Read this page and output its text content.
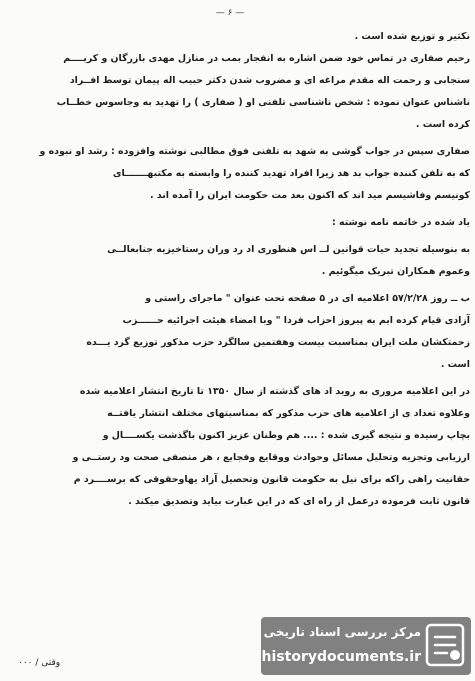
— ۶ —
نکثیر و توزیع شده است .
رحیم صفاری در تماس خود ضمن اشاره به انفجار بمب در منازل مهدی بازرگان و کریــــم
سنجابی و رحمت اله مقدم مراغه ای و مضروب شدن دکتر حبیب اله پیمان توسط افــراد
ناشناس عنوان نموده : شخص ناشناسی تلفنی او ( صفاری ) را تهدید به وجاسوس خطــاب
کرده است .
صفاری سپس در جواب گوشی به شهد به تلفنی فوق مطالبی نوشته وافزوده : رشد او نبوده و
که به تلفن کننده جواب بد هد زیرا افراد تهدید کننده را وابسته به مکتبهـــــــای
کونیسم وفاشیسم مید اند که اکنون بعد مت حکومت ایران را آمده اند .
یاد شده در خاتمه نامه نوشته :
به بنوسیله تجدید حیات قوانین لــ اس هنطوری اد رد وران رستاخیزیه جنابعالــی
وعموم همکاران تبریک میگوئیم .
ب ــ روز ۵۷/۲/۲۸ اعلامیه ای در ۵ صفحه تحت عنوان " ماجرای راستی و
آزادی قیام کرده ایم به پیروز احزاب فردا " وبا امضاء هیئت اجرائیه حــــــزب
زحمتکشان ملت ایران بمناسبت بیست وهفتمین سالگرد حزب مذکور توزیع گرد یـــده
است .
در این اعلامیه مروری به روید اد های گذشته از سال ۱۳۵۰ تا تاریخ انتشار اعلامیه شده
وعلاوه تعداد ی از اعلامیه های حزب مذکور که بمناسبتهای مختلف انتشار یافتــه
بچاپ رسیده و نتیجه گیری شده : .... هم وطنان عزیز اکنون باگذشت یکســــال و
ارزیابی وتجزیه وتحلیل مسائل وحوادث ووقایع وفجایع ، هر منصفی صحت ود رستــی و
حقانیت راهی راکه برای نیل به حکومت قانون وتحصیل آزاد یهاوحقوقی که برســــرد م
قانون ثابت فرموده درعمل از راه ای که در این عبارت بیاید وتصدیق میکند .
وقتی / ۰۰۰
مرکز بررسی اسناد تاریخی
historydocuments.ir
